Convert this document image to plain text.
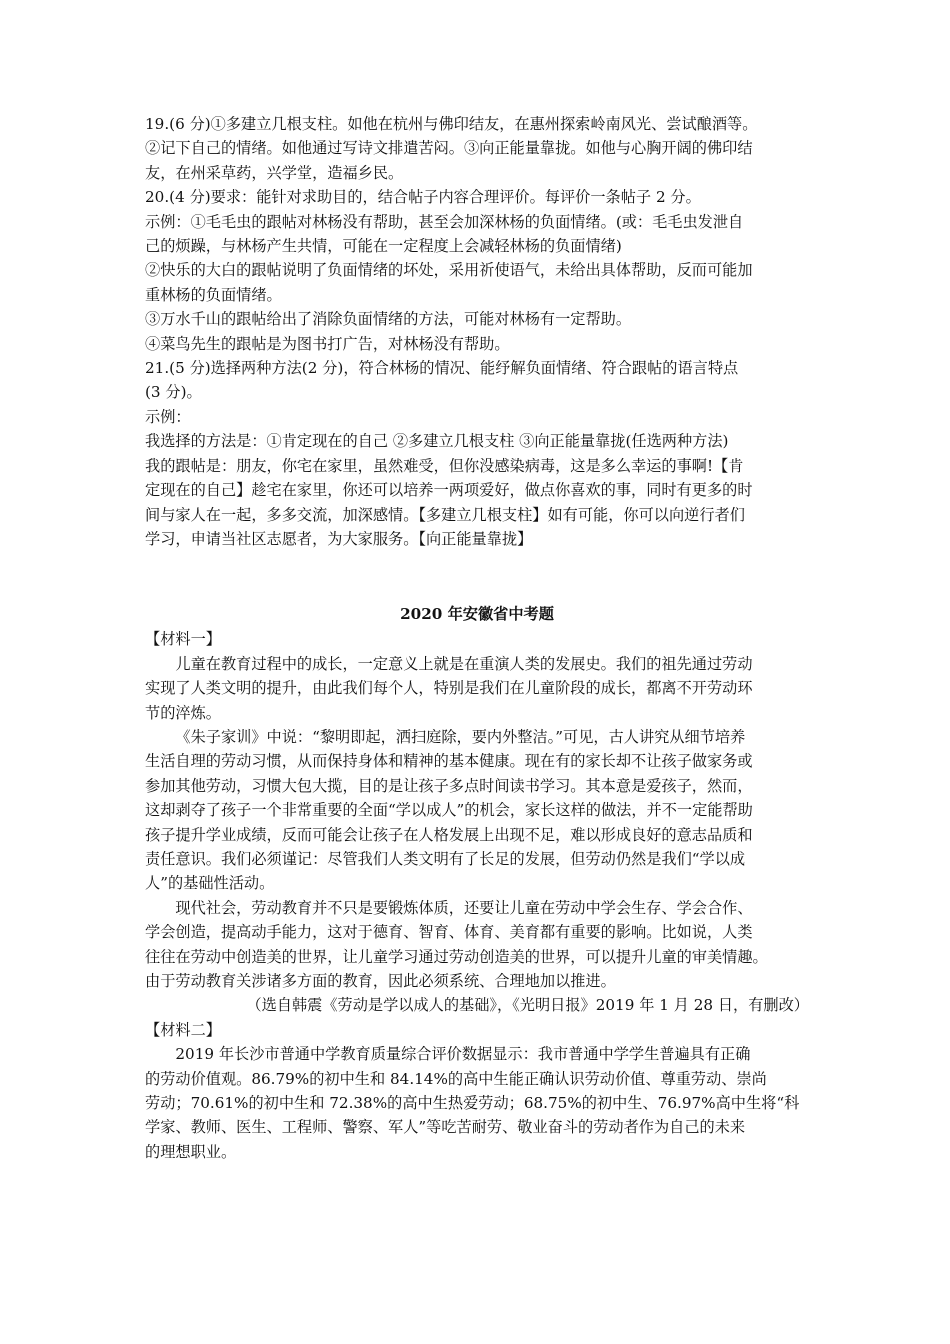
19.(6 分)①多建立几根支柱。如他在杭州与佛印结友，在惠州探索岭南风光、尝试酿酒等。

②记下自己的情绪。如他通过写诗文排遣苦闷。③向正能量靠拢。如他与心胸开阔的佛印结

友，在州采草药，兴学堂，造福乡民。

20.(4 分)要求：能针对求助目的，结合帖子内容合理评价。每评价一条帖子 2 分。

示例：①毛毛虫的跟帖对林杨没有帮助，甚至会加深林杨的负面情绪。(或：毛毛虫发泄自

己的烦躁，与林杨产生共情，可能在一定程度上会减轻林杨的负面情绪)

②快乐的大白的跟帖说明了负面情绪的坏处，采用祈使语气，未给出具体帮助，反而可能加

重林杨的负面情绪。

③万水千山的跟帖给出了消除负面情绪的方法，可能对林杨有一定帮助。

④菜鸟先生的跟帖是为图书打广告，对林杨没有帮助。

21.(5 分)选择两种方法(2 分)，符合林杨的情况、能纾解负面情绪、符合跟帖的语言特点

(3 分)。

示例：

我选择的方法是：①肯定现在的自己 ②多建立几根支柱 ③向正能量靠拢(任选两种方法)

我的跟帖是：朋友，你宅在家里，虽然难受，但你没感染病毒，这是多么幸运的事啊!【肯

定现在的自己】趁宅在家里，你还可以培养一两项爱好，做点你喜欢的事，同时有更多的时

间与家人在一起，多多交流，加深感情。【多建立几根支柱】如有可能，你可以向逆行者们

学习，申请当社区志愿者，为大家服务。【向正能量靠拢】

2020 年安徽省中考题

【材料一】

儿童在教育过程中的成长，一定意义上就是在重演人类的发展史。我们的祖先通过劳动

实现了人类文明的提升，由此我们每个人，特别是我们在儿童阶段的成长，都离不开劳动环

节的淬炼。

《朱子家训》中说：“黎明即起，洒扫庭除，要内外整洁。”可见，古人讲究从细节培养

生活自理的劳动习惯，从而保持身体和精神的基本健康。现在有的家长却不让孩子做家务或

参加其他劳动，习惯大包大揽，目的是让孩子多点时间读书学习。其本意是爱孩子，然而，

这却剥夺了孩子一个非常重要的全面“学以成人”的机会，家长这样的做法，并不一定能帮助

孩子提升学业成绩，反而可能会让孩子在人格发展上出现不足，难以形成良好的意志品质和

责任意识。我们必须谨记：尽管我们人类文明有了长足的发展，但劳动仍然是我们“学以成

人”的基础性活动。

现代社会，劳动教育并不只是要锻炼体质，还要让儿童在劳动中学会生存、学会合作、

学会创造，提高动手能力，这对于德育、智育、体育、美育都有重要的影响。比如说，人类

往往在劳动中创造美的世界，让儿童学习通过劳动创造美的世界，可以提升儿童的审美情趣。

由于劳动教育关涉诸多方面的教育，因此必须系统、合理地加以推进。

（选自韩震《劳动是学以成人的基础》，《光明日报》2019 年 1 月 28 日，有删改）

【材料二】

2019 年长沙市普通中学教育质量综合评价数据显示：我市普通中学学生普遍具有正确

的劳动价值观。86.79%的初中生和 84.14%的高中生能正确认识劳动价值、尊重劳动、崇尚

劳动；70.61%的初中生和 72.38%的高中生热爱劳动；68.75%的初中生、76.97%高中生将“科

学家、教师、医生、工程师、警察、军人”等吃苦耐劳、敬业奋斗的劳动者作为自己的未来

的理想职业。
